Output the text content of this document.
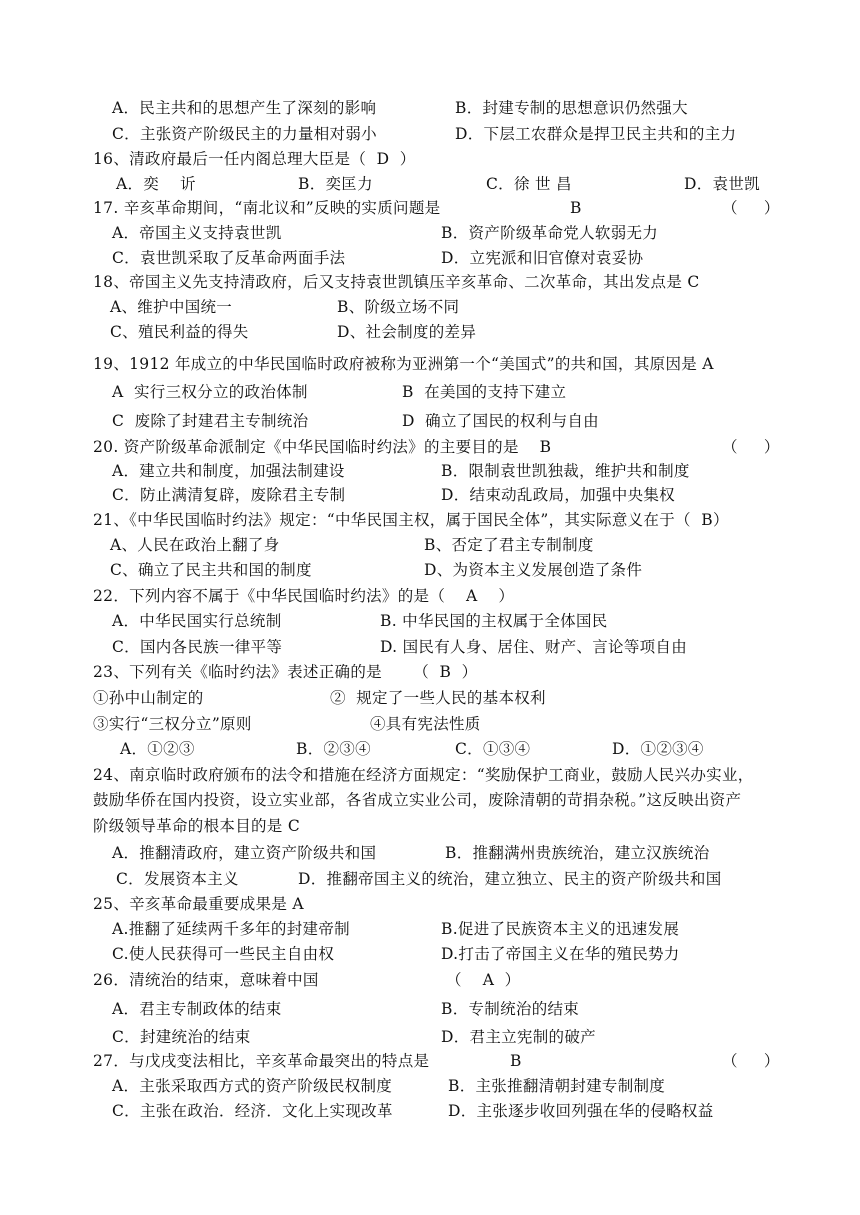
A．民主共和的思想产生了深刻的影响	B．封建专制的思想意识仍然强大
C．主张资产阶级民主的力量相对弱小	D．下层工农群众是捍卫民主共和的主力
16、清政府最后一任内阁总理大臣是（  D  ）
A．奕    䜣	B．奕匡力	C．徐 世 昌	D．袁世凯
17. 辛亥革命期间，“南北议和”反映的实质问题是	B	（     ）
A．帝国主义支持袁世凯	B．资产阶级革命党人软弱无力
C．袁世凯采取了反革命两面手法	D．立宪派和旧官僚对袁妥协
18、帝国主义先支持清政府，后又支持袁世凯镇压辛亥革命、二次革命，其出发点是 C
A、维护中国统一	B、阶级立场不同
C、殖民利益的得失	D、社会制度的差异
19、1912 年成立的中华民国临时政府被称为亚洲第一个“美国式”的共和国，其原因是 A
A  实行三权分立的政治体制	B  在美国的支持下建立
C  废除了封建君主专制统治	D  确立了国民的权利与自由
20. 资产阶级革命派制定《中华民国临时约法》的主要目的是    B	（     ）
A．建立共和制度，加强法制建设	B．限制袁世凯独裁，维护共和制度
C．防止满清复辟，废除君主专制	D．结束动乱政局，加强中央集权
21、《中华民国临时约法》规定：“中华民国主权，属于国民全体”，其实际意义在于（  B）
A、人民在政治上翻了身	B、否定了君主专制制度
C、确立了民主共和国的制度	D、为资本主义发展创造了条件
22．下列内容不属于《中华民国临时约法》的是（    A    ）
A．中华民国实行总统制	B. 中华民国的主权属于全体国民
C．国内各民族一律平等	D. 国民有人身、居住、财产、言论等项自由
23、下列有关《临时约法》表述正确的是      （  B  ）
①孙中山制定的	②  规定了一些人民的基本权利
③实行“三权分立”原则	④具有宪法性质
A．①②③	B．②③④	C．①③④	D．①②③④
24、南京临时政府颁布的法令和措施在经济方面规定：“奖励保护工商业，鼓励人民兴办实业，
鼓励华侨在国内投资，设立实业部，各省成立实业公司，废除清朝的苛捐杂税。”这反映出资产
阶级领导革命的根本目的是 C
A．推翻清政府，建立资产阶级共和国	B．推翻满州贵族统治，建立汉族统治
C．发展资本主义	D．推翻帝国主义的统治，建立独立、民主的资产阶级共和国
25、辛亥革命最重要成果是 A
A.推翻了延续两千多年的封建帝制	B.促进了民族资本主义的迅速发展
C.使人民获得可一些民主自由权	D.打击了帝国主义在华的殖民势力
26．清统治的结束，意味着中国	（    A  ）
A．君主专制政体的结束	B．专制统治的结束
C．封建统治的结束	D．君主立宪制的破产
27．与戊戌变法相比，辛亥革命最突出的特点是	B	（     ）
A．主张采取西方式的资产阶级民权制度	B．主张推翻清朝封建专制制度
C．主张在政治．经济．文化上实现改革	D．主张逐步收回列强在华的侵略权益
